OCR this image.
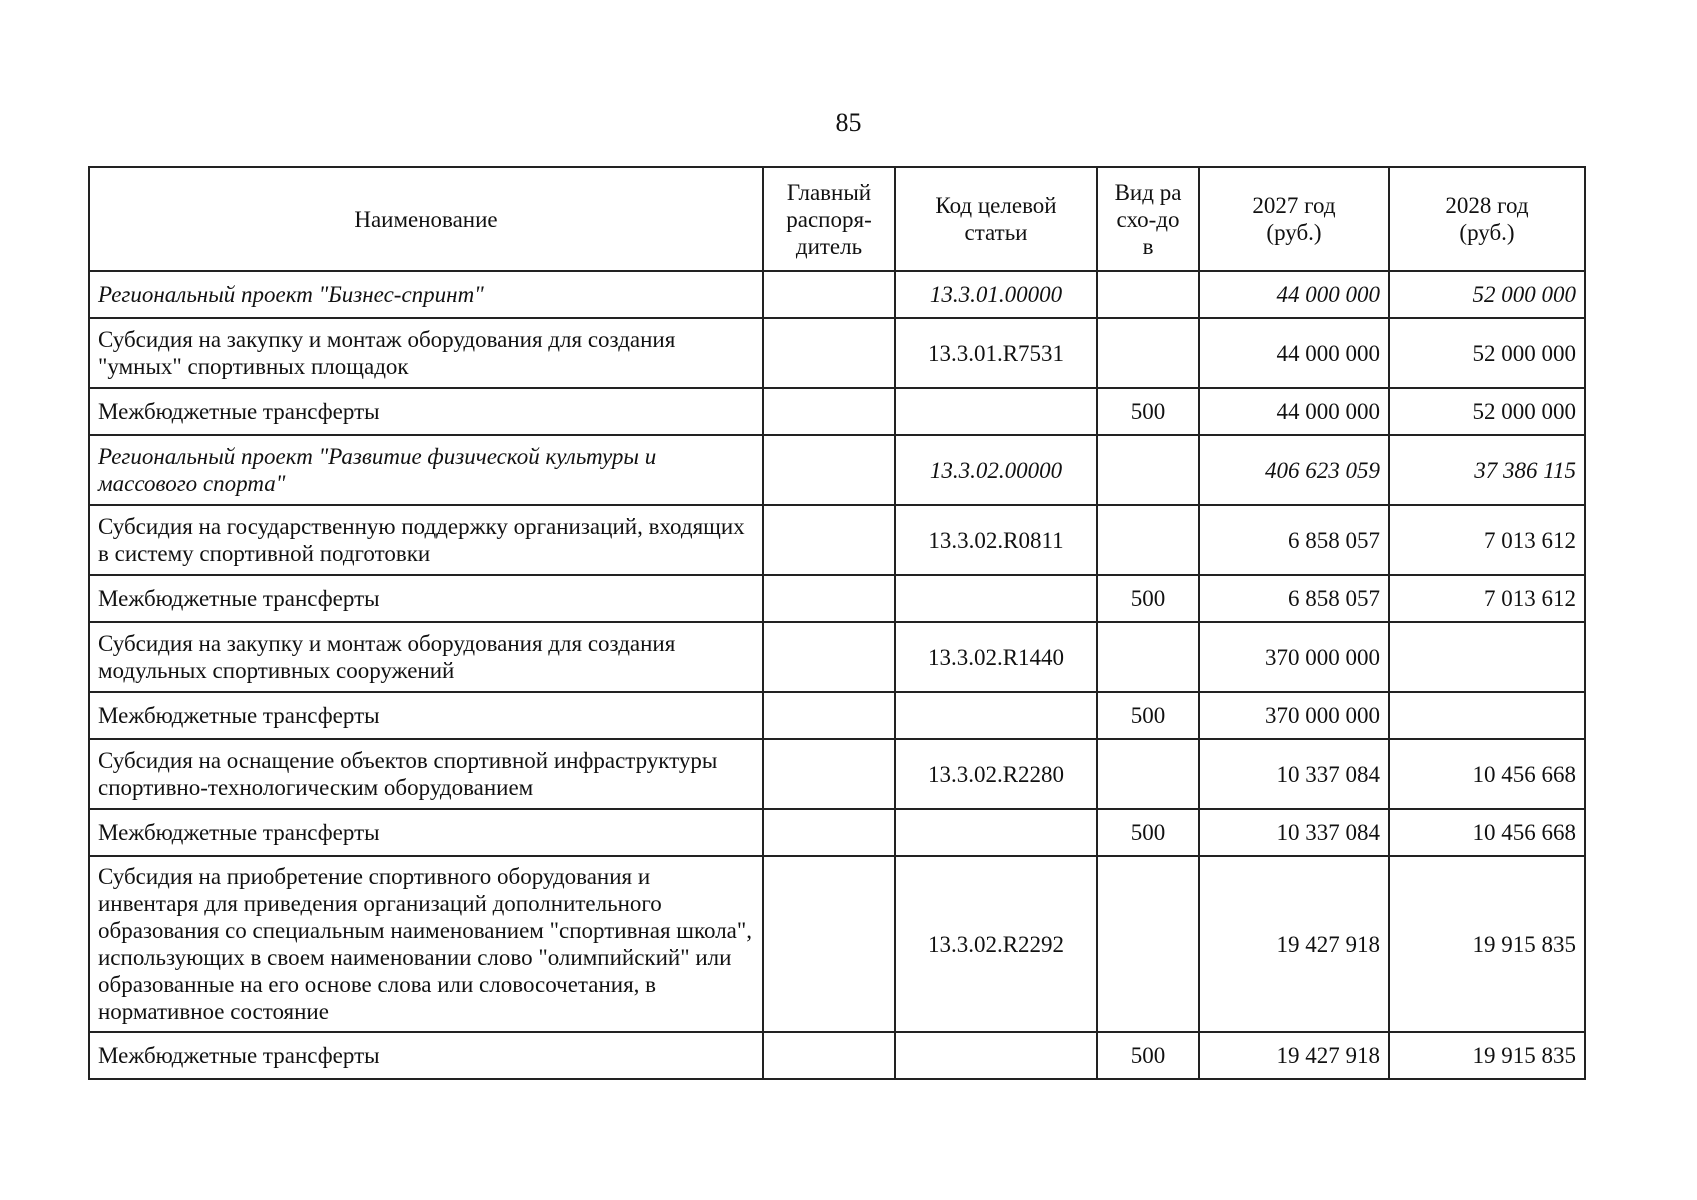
85
Наименование	Главный распоря-дитель	Код целевой статьи	Вид расхо-дов	2027 год (руб.)	2028 год (руб.)
Региональный проект "Бизнес-спринт"		13.3.01.00000		44 000 000	52 000 000
Субсидия на закупку и монтаж оборудования для создания "умных" спортивных площадок		13.3.01.R7531		44 000 000	52 000 000
Межбюджетные трансферты			500	44 000 000	52 000 000
Региональный проект "Развитие физической культуры и массового спорта"		13.3.02.00000		406 623 059	37 386 115
Субсидия на государственную поддержку организаций, входящих в систему спортивной подготовки		13.3.02.R0811		6 858 057	7 013 612
Межбюджетные трансферты			500	6 858 057	7 013 612
Субсидия на закупку и монтаж оборудования для создания модульных спортивных сооружений		13.3.02.R1440		370 000 000	
Межбюджетные трансферты			500	370 000 000	
Субсидия на оснащение объектов спортивной инфраструктуры спортивно-технологическим оборудованием		13.3.02.R2280		10 337 084	10 456 668
Межбюджетные трансферты			500	10 337 084	10 456 668
Субсидия на приобретение спортивного оборудования и инвентаря для приведения организаций дополнительного образования со специальным наименованием "спортивная школа", использующих в своем наименовании слово "олимпийский" или образованные на его основе слова или словосочетания, в нормативное состояние		13.3.02.R2292		19 427 918	19 915 835
Межбюджетные трансферты			500	19 427 918	19 915 835
